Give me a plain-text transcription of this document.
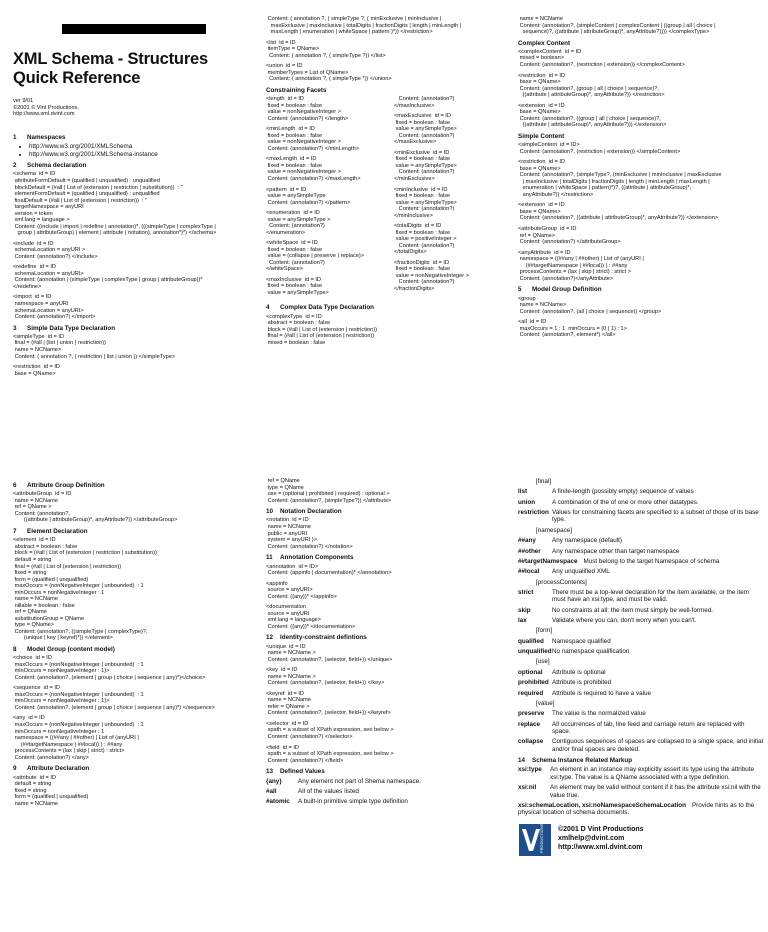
XML Schema - Structures
Quick Reference
ver 9/01
©2001 © Vint Productions,
http://www.xml.dvint.com
1 Namespaces
• http://www.w3.org/2001/XMLSchema
• http://www.w3.org/2001/XMLSchema-instance
2 Schema declaration
<schema  id = ID
attributeFormDefault = (qualified | unqualified) : unqualified
blockDefault = (#all | List of (extension | restriction | substitution))  : "
elementFormDefault = (qualified | unqualified) : unqualified
finalDefault = (#all | List of (extension | restriction))  : "
targetNamespace = anyURI
version = token
xml:lang = language >
Content: ((include | import | redefine | annotation)*, (((simpleType | complexType |
group | attributeGroup) | element | attribute | notation), annotation*)*) </schema>
<include  id = ID
schemaLocation = anyURI >
Content: (annotation?) </include>
<redefine  id = ID
schemaLocation = anyURI>
Content: (annotation | (simpleType | complexType | group | attributeGroup))*
</redefine>
<import  id = ID
namespace = anyURI
schemaLocation = anyURI>
Content: (annotation?) </import>
3 Simple Data Type Declaration
<simpleType  id = ID
final = (#all | (list | union | restriction))
name = NCName>
Content: ( annotation ?, ( restriction | list | union )) </simpleType>
<restriction  id = ID
base = QName>
Content: ( annotation ?, ( simpleType ?, ( minExclusive | minInclusive |
maxExclusive | maxInclusive | totalDigits | fractionDigits | length | minLength |
maxLength | enumeration | whiteSpace | pattern )*)) </restriction>
<list  id = ID
itemType = QName>
Content: ( annotation ?, ( simpleType ?)) </list>
<union  id = ID
memberTypes = List of QName>
Content: ( annotation ?, ( simpleType *)) </union>
Constraining Facets
<length  id = ID
fixed = boolean : false
value = nonNegativeInteger >
Content: (annotation?) </length>
<minLength  id = ID
fixed = boolean : false
value = nonNegativeInteger >
Content: (annotation?) </minLength>
<maxLength  id = ID
fixed = boolean : false
value = nonNegativeInteger >
Content: (annotation?) </maxLength>
<pattern  id = ID
value = anySimpleType
Content: (annotation?) </pattern>
<enumeration  id = ID
value = anySimpleType >
Content: (annotation?)
</enumeration>
<whiteSpace  id = ID
fixed = boolean : false
value = (collapse | preserve | replace)>
Content: (annotation?)
</whiteSpace>
<maxInclusive  id = ID
fixed = boolean : false
value = anySimpleType>
Content: (annotation?)
</maxInclusive>
<maxExclusive  id = ID
fixed = boolean : false
value = anySimpleType>
Content: (annotation?)
</maxExclusive>
<minExclusive  id = ID
fixed = boolean : false
value = anySimpleType>
Content: (annotation?)
</minExclusive>
<minInclusive  id = ID
fixed = boolean : false
value = anySimpleType>
Content: (annotation?)
</minInclusive>
<totalDigits  id = ID
fixed = boolean : false
value = positiveInteger >
Content: (annotation?)
</totalDigits>
<fractionDigits  id = ID
fixed = boolean : false
value = nonNegativeInteger >
Content: (annotation?)
</fractionDigits>
4 Complex Data Type Declaration
<complexType  id = ID
abstract = boolean : false
block = (#all | List of (extension | restriction))
final = (#all | List of (extension | restriction))
mixed = boolean : false
name = NCName
Content: (annotation?, (simpleContent | complexContent | ((group | all | choice |
sequence)?, ((attribute | attributeGroup)*, anyAttribute?)))) </complexType>
Complex Content
<complexContent  id = ID
mixed = boolean>
Content: (annotation?, (restriction | extension)) </complexContent>
<restriction  id = ID
base = QName>
Content: (annotation?, (group | all | choice | sequence)?,
((attribute | attributeGroup)*, anyAttribute?)) </restriction>
<extension  id = ID
base = QName>
Content: (annotation?, ((group | all | choice | sequence)?,
((attribute | attributeGroup)*, anyAttribute?))) </extension>
Simple Content
<simpleContent  id = ID>
Content: (annotation?, (restriction | extension)) </simpleContent>
<restriction  id = ID
base = QName>
Content: (annotation?, (simpleType?, (minExclusive | minInclusive | maxExclusive
| maxInclusive | totalDigits | fractionDigits | length | minLength | maxLength |
enumeration | whiteSpace | pattern)*)?, ((attribute | attributeGroup)*,
anyAttribute?)) </restriction>
<extension  id = ID
base = QName>
Content: (annotation?, ((attribute | attributeGroup)*, anyAttribute?)) </extension>
<attributeGroup  id = ID
ref = QName>
Content: (annotation?) </attributeGroup>
<anyAttribute  id = ID
namespace = ((##any | ##other) | List of (anyURI |
(##targetNamespace | ##local)) ) : ##any
processContents = (lax | skip | strict) : strict >
Content: (annotation?)</anyAttribute>
5 Model Group Definition
<group
name = NCName>
Content: (annotation?, (all | choice | sequence)) </group>
<all  id = ID
maxOccurs = 1 : 1  minOccurs = (0 | 1) : 1>
Content: (annotation?, element*) </all>
6 Attribute Group Definition
<attributeGroup  id = ID
name = NCName
ref = QName >
Content: (annotation?,
((attribute | attributeGroup)*, anyAttribute?)) </attributeGroup>
7 Element Declaration
<element  id = ID
abstract = boolean : false
block = (#all | List of (extension | restriction | substitution))
default = string
final = (#all | List of (extension | restriction))
fixed = string
form = (qualified | unqualified)
maxOccurs = (nonNegativeInteger | unbounded)  : 1
minOccurs = nonNegativeInteger : 1
name = NCName
nillable = boolean : false
ref = QName
substitutionGroup = QName
type = QName>
Content: (annotation?, ((simpleType | complexType)?,
(unique | key | keyref)*)) </element>
8 Model Group (content model)
<choice  id = ID
maxOccurs = (nonNegativeInteger | unbounded)  : 1
minOccurs = nonNegativeInteger : 1}>
Content: (annotation?, (element | group | choice | sequence | any)*)</choice>
<sequence  id = ID
maxOccurs = (nonNegativeInteger | unbounded)  : 1
minOccurs = nonNegativeInteger : 1}>
Content: (annotation?, (element | group | choice | sequence | any)*) </sequence>
<any  id = ID
maxOccurs = (nonNegativeInteger | unbounded)  : 1
minOccurs = nonNegativeInteger : 1
namespace = ((##any | ##other) | List of (anyURI |
(##targetNamespace | ##local)) ) : ##any
processContents = (lax | skip | strict) : strict>
Content: (annotation?) </any>
9 Attribute Declaration
<attribute  id = ID
default = string
fixed = string
form = (qualified | unqualified)
name = NCName
ref = QName
type = QName
use = (optional | prohibited | required) : optional >
Content: (annotation?, (simpleType?)) </attribute>
10 Notation Declaration
<notation  id = ID
name = NCName
public = anyURI
system = anyURI }>
Content: (annotation?) </notation>
11 Annotation Components
<annotation  id = ID>
Content: (appinfo | documentation)* </annotation>
<appinfo
source = anyURI>
Content: ({any})* </appinfo>
<documentation
source = anyURI
xml:lang = language>
Content: ({any})* </documentation>
12 Identity-constraint defintions
<unique  id = ID
name = NCName >
Content: (annotation?, (selector, field+)) </unique>
<key  id = ID
name = NCName >
Content: (annotation?, (selector, field+)) </key>
<keyref  id = ID
name = NCName
refer = QName >
Content: (annotation?, (selector, field+)) </keyref>
<selector  id = ID
xpath = a subset of XPath expression, see below >
Content: (annotation?) </selector>
<field  id = ID
xpath = a subset of XPath expression, see below >
Content: (annotation?) </field>
13 Defined Values
{any}	Any element not part of Shema namespace.
#all	All of the values listed
#atomic	A built-in primitive simple type definition
[final]
list	A finite-length (possibly empty) sequence of values
union	A combination of the of one or more other datatypes.
restriction Values for constraining facets are specified to a subset of those of its base type.
[namespace]
##any	Any namespace (default)
##other	Any namespace other than target namespace
##targetNamespace Must belong to the target Namespace of schema
##local	Any unqualified XML
[processContents]
strict	There must be a top-level declaration for the item available, or the item must have an xsi:type, and must be valid.
skip	No constraints at all: the item must simply be well-formed.
lax	Validate where you can, don't worry when you can't.
[form]
qualified	Namespace qualified
unqualified No namespace qualification
[use]
optional	Attribute is optional
prohibited Attribute is prohibited
required	Attribute is required to have a value
[value]
preserve	The value is the normalized value
replace	All occurrences of tab, line feed and carriage return are replaced with space.
collapse	Contiguous sequences of spaces are collapsed to a single space, and initial and/or final spaces are deleted.
14 Schema Instance Related Markup
xsi:type	An element in an instance may explicitly assert its type using the attribute xsi:type. The value is a QName associated with a type definition.
xsi:nil	An element may be valid without content if it has the attribute xsi:nil with the value true.
xsi:schemaLocation, xsi:noNamespaceSchemaLocation Provide hints as to the physical location of schema documents.
PRODUCTIONS ©2001 D Vint Productions
xmlhelp@dvint.com
http://www.xml.dvint.com
